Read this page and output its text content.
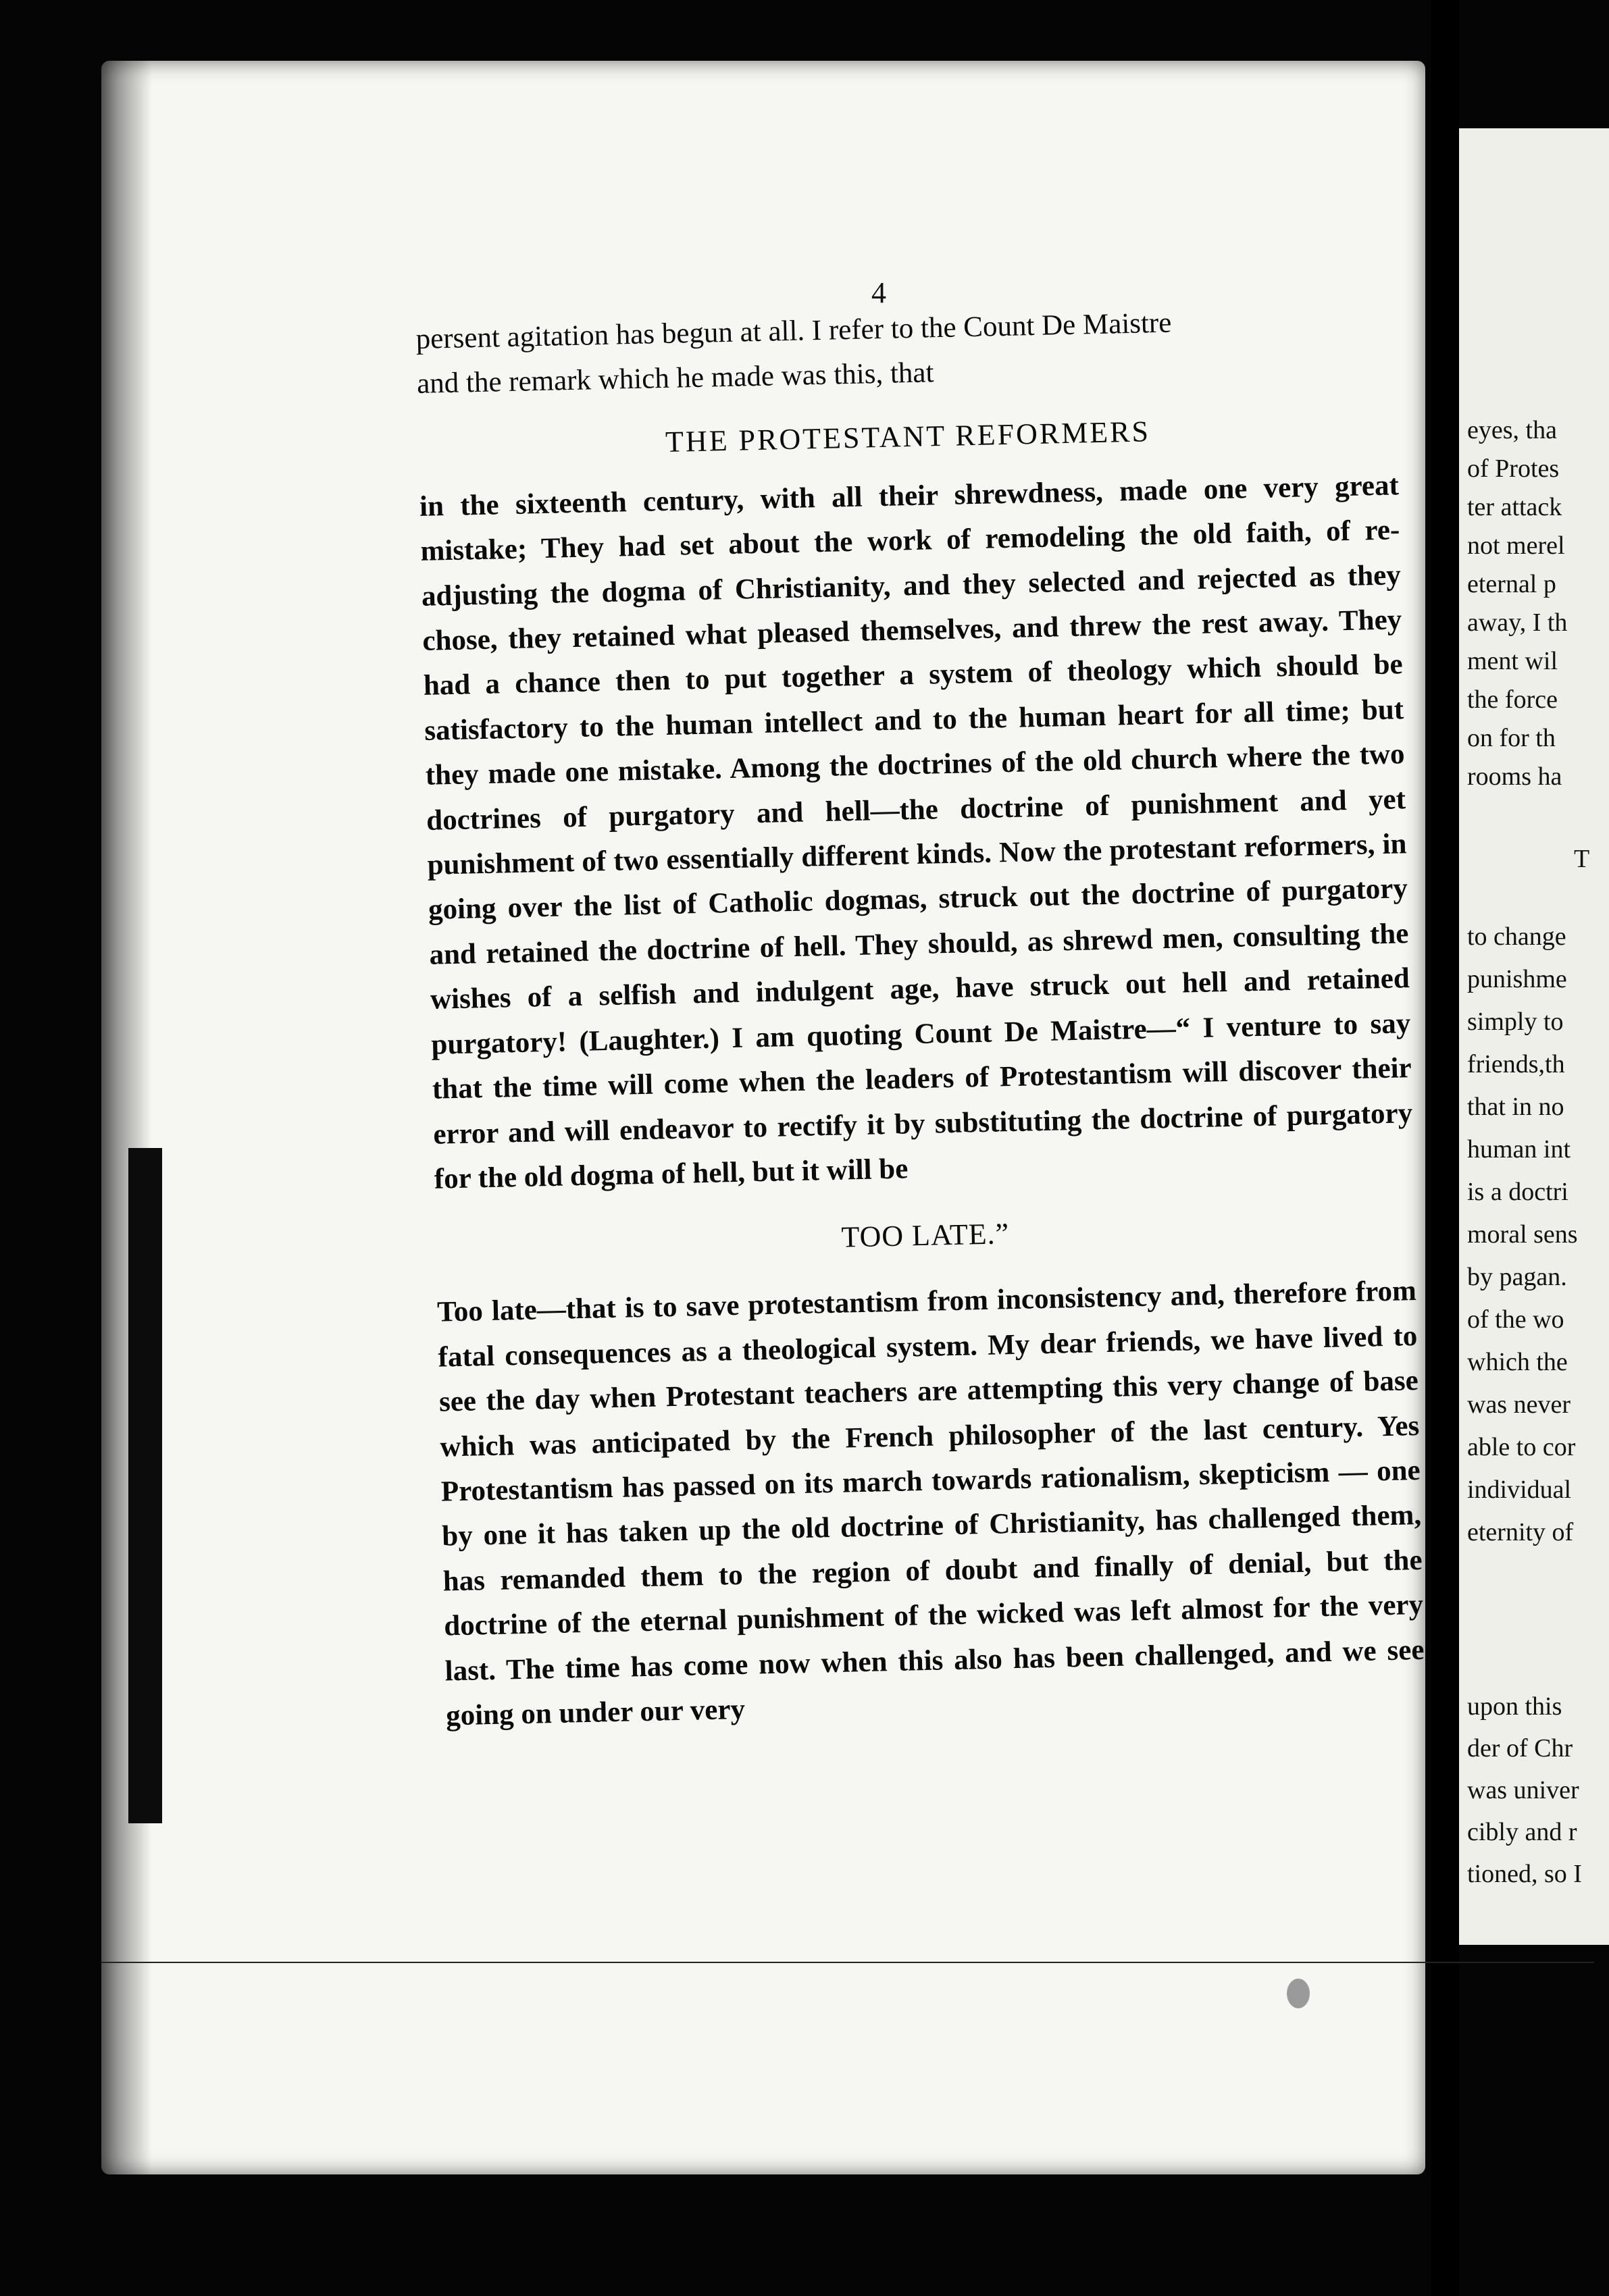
eyes, tha
of Protes
ter attack
not merel
eternal p
away, I th
ment wil
the force
on for th
rooms ha
T
to change
punishme
simply to
friends,th
that in no
human int
is a doctri
moral sens
by pagan.
of the wo
which the
was never
able to cor
individual
eternity of
upon this
der of Chr
was univer
cibly and r
tioned, so I
4

persent agitation has begun at all. I refer to the Count De Maistre

and the remark which he made was this, that

THE PROTESTANT REFORMERS

in the sixteenth century, with all their shrewdness, made one very great mistake; They had set about the work of remodeling the old faith, of re-adjusting the dogma of Christianity, and they selected and rejected as they chose, they retained what pleased themselves, and threw the rest away. They had a chance then to put together a system of theology which should be satisfactory to the human intellect and to the human heart for all time; but they made one mistake. Among the doctrines of the old church where the two doctrines of purgatory and hell—the doctrine of punishment and yet punishment of two essentially different kinds. Now the protestant reformers, in going over the list of Catholic dogmas, struck out the doctrine of purgatory and retained the doctrine of hell. They should, as shrewd men, consulting the wishes of a selfish and indulgent age, have struck out hell and retained purgatory! (Laughter.) I am quoting Count De Maistre—“ I venture to say that the time will come when the leaders of Protestantism will discover their error and will endeavor to rectify it by substituting the doctrine of purgatory for the old dogma of hell, but it will be

TOO LATE.”

Too late—that is to save protestantism from inconsistency and, therefore from fatal consequences as a theological system. My dear friends, we have lived to see the day when Protestant teachers are attempting this very change of base which was anticipated by the French philosopher of the last century. Yes Protestantism has passed on its march towards rationalism, skepticism — one by one it has taken up the old doctrine of Christianity, has challenged them, has remanded them to the region of doubt and finally of denial, but the doctrine of the eternal punishment of the wicked was left almost for the very last. The time has come now when this also has been challenged, and we see going on under our very
